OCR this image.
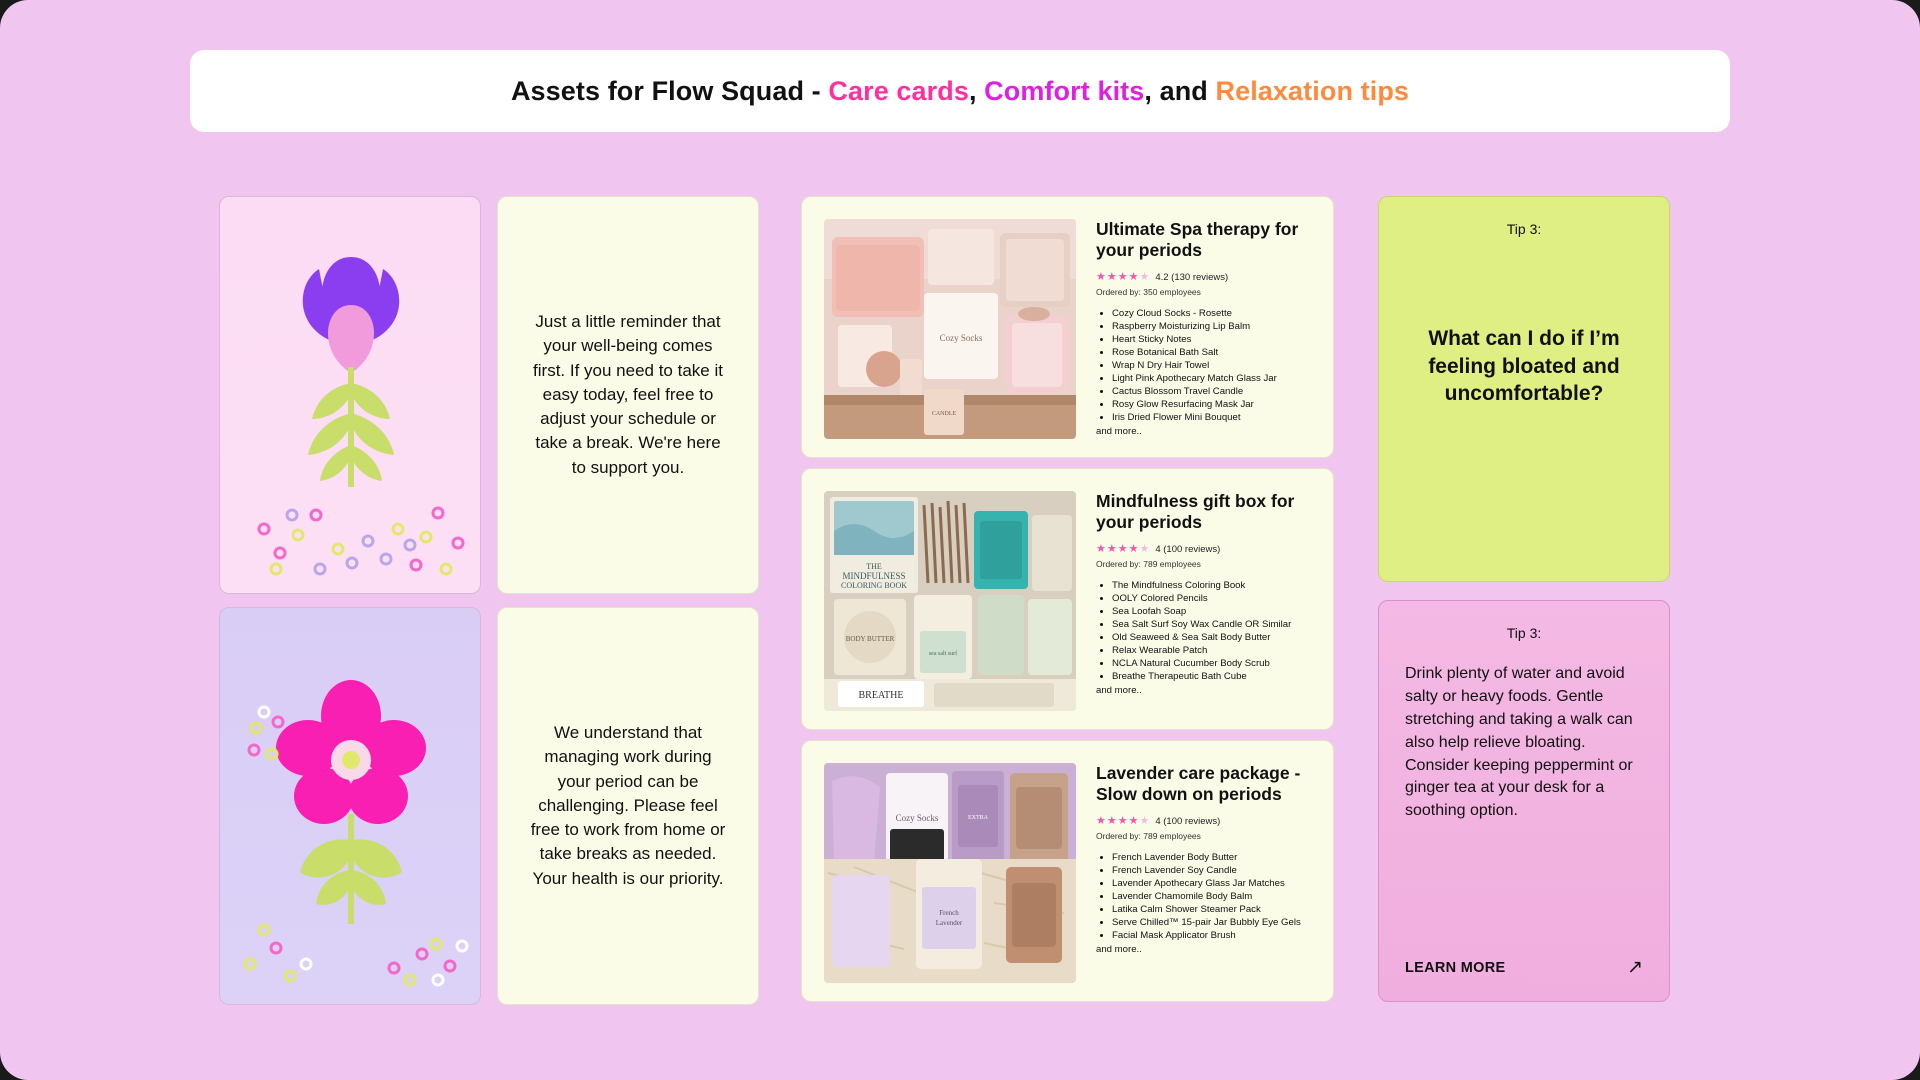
Assets for Flow Squad - Care cards, Comfort kits, and Relaxation tips
Just a little reminder that your well-being comes first. If you need to take it easy today, feel free to adjust your schedule or take a break. We're here to support you.
We understand that managing work during your period can be challenging. Please feel free to work from home or take breaks as needed. Your health is our priority.
Cozy Socks
CANDLE
Ultimate Spa therapy for your periods
★★★★★ 4.2 (130 reviews)
Ordered by: 350 employees
• Cozy Cloud Socks - Rosette
• Raspberry Moisturizing Lip Balm
• Heart Sticky Notes
• Rose Botanical Bath Salt
• Wrap N Dry Hair Towel
• Light Pink Apothecary Match Glass Jar
• Cactus Blossom Travel Candle
• Rosy Glow Resurfacing Mask Jar
• Iris Dried Flower Mini Bouquet
and more..
THE
MINDFULNESS
COLORING BOOK
BODY BUTTER
sea salt surf
BREATHE
Mindfulness gift box for your periods
★★★★★ 4 (100 reviews)
Ordered by: 789 employees
• The Mindfulness Coloring Book
• OOLY Colored Pencils
• Sea Loofah Soap
• Sea Salt Surf Soy Wax Candle OR Similar
• Old Seaweed & Sea Salt Body Butter
• Relax Wearable Patch
• NCLA Natural Cucumber Body Scrub
• Breathe Therapeutic Bath Cube
and more..
Cozy Socks	EXTRA
French
Lavender
Lavender care package - Slow down on periods
★★★★★ 4 (100 reviews)
Ordered by: 789 employees
• French Lavender Body Butter
• French Lavender Soy Candle
• Lavender Apothecary Glass Jar Matches
• Lavender Chamomile Body Balm
• Latika Calm Shower Steamer Pack
• Serve Chilled™ 15-pair Jar Bubbly Eye Gels
• Facial Mask Applicator Brush
and more..
Tip 3:
What can I do if I’m feeling bloated and uncomfortable?
Tip 3:
Drink plenty of water and avoid salty or heavy foods. Gentle stretching and taking a walk can also help relieve bloating. Consider keeping peppermint or ginger tea at your desk for a soothing option.
LEARN MORE	↗
